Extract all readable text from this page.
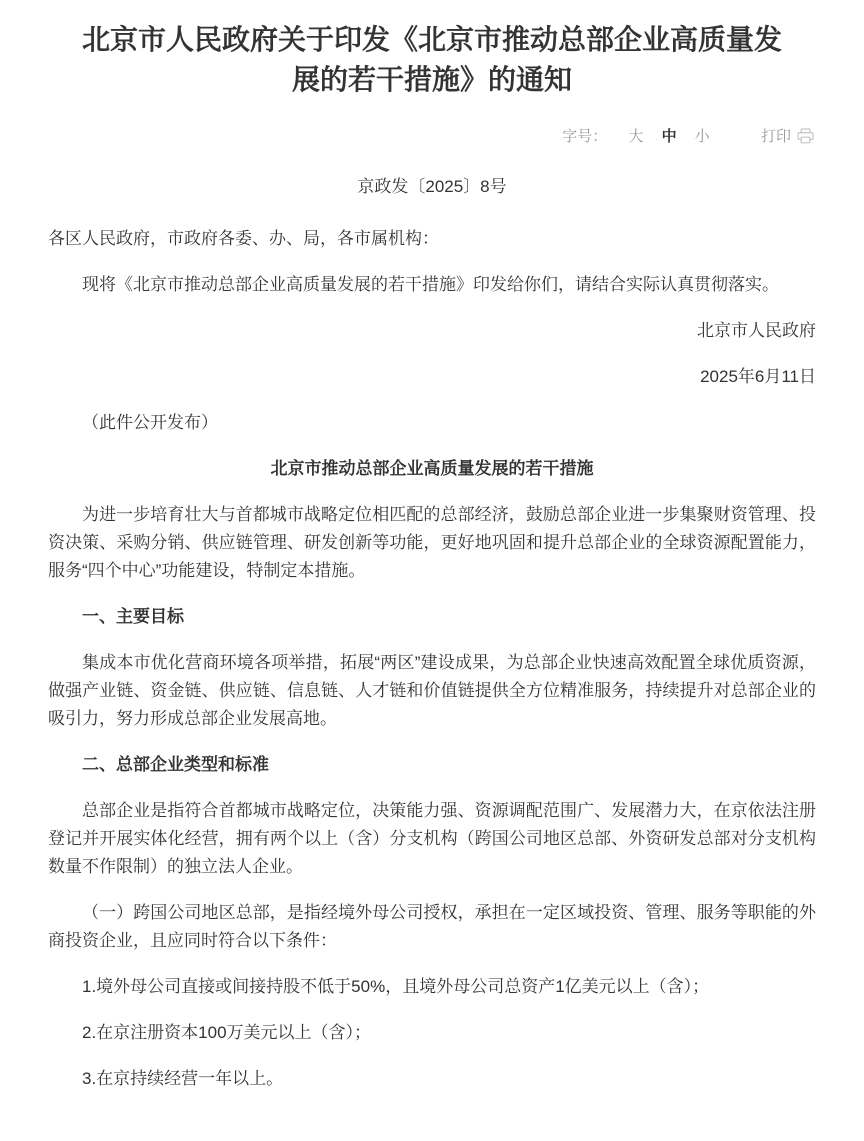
北京市人民政府关于印发《北京市推动总部企业高质量发展的若干措施》的通知
字号： 大 中 小	打印
京政发〔2025〕8号

各区人民政府，市政府各委、办、局，各市属机构：

现将《北京市推动总部企业高质量发展的若干措施》印发给你们，请结合实际认真贯彻落实。

北京市人民政府

2025年6月11日

（此件公开发布）

北京市推动总部企业高质量发展的若干措施

为进一步培育壮大与首都城市战略定位相匹配的总部经济，鼓励总部企业进一步集聚财资管理、投资决策、采购分销、供应链管理、研发创新等功能，更好地巩固和提升总部企业的全球资源配置能力，服务“四个中心”功能建设，特制定本措施。

一、主要目标

集成本市优化营商环境各项举措，拓展“两区”建设成果，为总部企业快速高效配置全球优质资源，做强产业链、资金链、供应链、信息链、人才链和价值链提供全方位精准服务，持续提升对总部企业的吸引力，努力形成总部企业发展高地。

二、总部企业类型和标准

总部企业是指符合首都城市战略定位，决策能力强、资源调配范围广、发展潜力大，在京依法注册登记并开展实体化经营，拥有两个以上（含）分支机构（跨国公司地区总部、外资研发总部对分支机构数量不作限制）的独立法人企业。

（一）跨国公司地区总部，是指经境外母公司授权，承担在一定区域投资、管理、服务等职能的外商投资企业，且应同时符合以下条件：

1.境外母公司直接或间接持股不低于50%，且境外母公司总资产1亿美元以上（含）；

2.在京注册资本100万美元以上（含）；

3.在京持续经营一年以上。
